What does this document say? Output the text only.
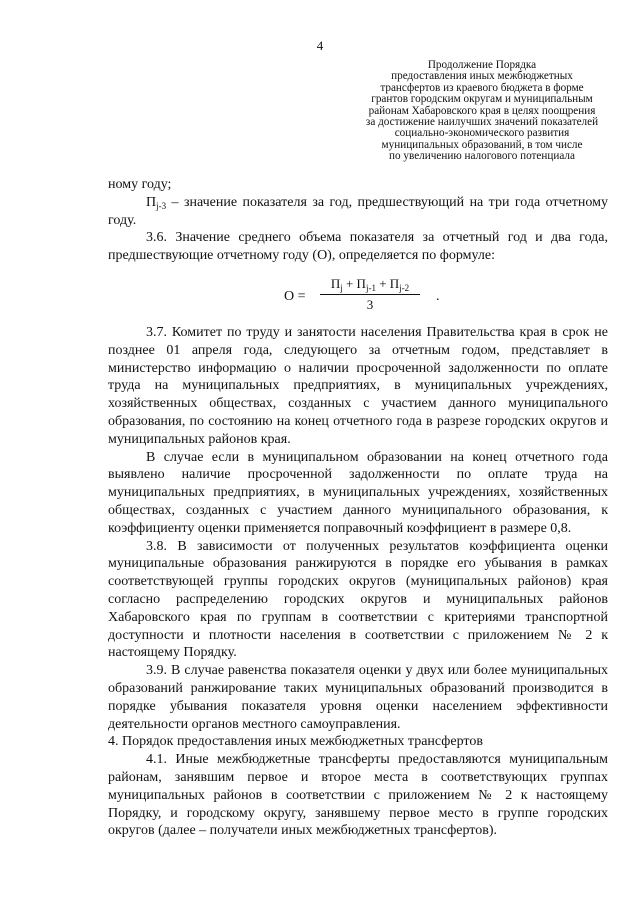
4
Продолжение Порядка
предоставления иных межбюджетных
трансфертов из краевого бюджета в форме
грантов городским округам и муниципальным
районам Хабаровского края в целях поощрения
за достижение наилучших значений показателей
социально-экономического развития
муниципальных образований, в том числе
по увеличению налогового потенциала

ному году;

$П_{j-3}$ – значение показателя за год, предшествующий на три года отчетному году.

3.6. Значение среднего объема показателя за отчетный год и два года, предшествующие отчетному году (О), определяется по формуле:

О =
$П_j + П_{j-1} + П_{j-2}$
3
.

3.7. Комитет по труду и занятости населения Правительства края в срок не позднее 01 апреля года, следующего за отчетным годом, представляет в министерство информацию о наличии просроченной задолженности по оплате труда на муниципальных предприятиях, в муниципальных учреждениях, хозяйственных обществах, созданных с участием данного муниципального образования, по состоянию на конец отчетного года в разрезе городских округов и муниципальных районов края.

В случае если в муниципальном образовании на конец отчетного года выявлено наличие просроченной задолженности по оплате труда на муниципальных предприятиях, в муниципальных учреждениях, хозяйственных обществах, созданных с участием данного муниципального образования, к коэффициенту оценки применяется поправочный коэффициент в размере 0,8.

3.8. В зависимости от полученных результатов коэффициента оценки муниципальные образования ранжируются в порядке его убывания в рамках соответствующей группы городских округов (муниципальных районов) края согласно распределению городских округов и муниципальных районов Хабаровского края по группам в соответствии с критериями транспортной доступности и плотности населения в соответствии с приложением № 2 к настоящему Порядку.

3.9. В случае равенства показателя оценки у двух или более муниципальных образований ранжирование таких муниципальных образований производится в порядке убывания показателя уровня оценки населением эффективности деятельности органов местного самоуправления.

4. Порядок предоставления иных межбюджетных трансфертов

4.1. Иные межбюджетные трансферты предоставляются муниципальным районам, занявшим первое и второе места в соответствующих группах муниципальных районов в соответствии с приложением № 2 к настоящему Порядку, и городскому округу, занявшему первое место в группе городских округов (далее – получатели иных межбюджетных трансфертов).
